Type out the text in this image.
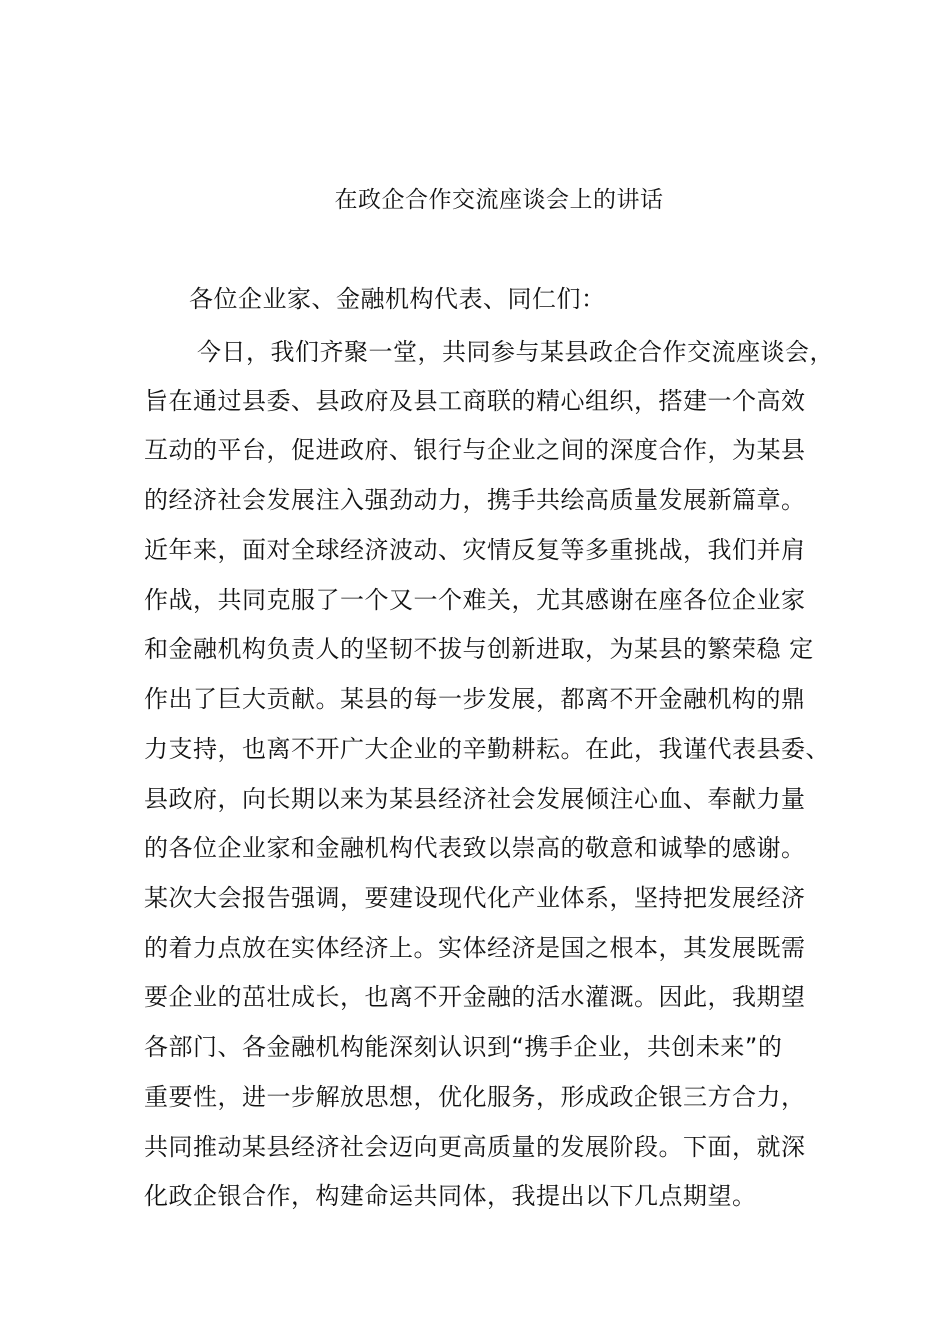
在政企合作交流座谈会上的讲话
各位企业家、金融机构代表、同仁们：
今日，我们齐聚一堂，共同参与某县政企合作交流座谈会，
旨在通过县委、县政府及县工商联的精心组织，搭建一个高效
互动的平台，促进政府、银行与企业之间的深度合作，为某县
的经济社会发展注入强劲动力，携手共绘高质量发展新篇章。
近年来，面对全球经济波动、灾情反复等多重挑战，我们并肩
作战，共同克服了一个又一个难关，尤其感谢在座各位企业家
和金融机构负责人的坚韧不拔与创新进取，为某县的繁荣稳 定
作出了巨大贡献。某县的每一步发展，都离不开金融机构的鼎
力支持，也离不开广大企业的辛勤耕耘。在此，我谨代表县委、
县政府，向长期以来为某县经济社会发展倾注心血、奉献力量
的各位企业家和金融机构代表致以崇高的敬意和诚挚的感谢。
某次大会报告强调，要建设现代化产业体系，坚持把发展经济
的着力点放在实体经济上。实体经济是国之根本，其发展既需
要企业的茁壮成长，也离不开金融的活水灌溉。因此，我期望
各部门、各金融机构能深刻认识到“携手企业，共创未来”的
重要性，进一步解放思想，优化服务，形成政企银三方合力，
共同推动某县经济社会迈向更高质量的发展阶段。下面，就深
化政企银合作，构建命运共同体，我提出以下几点期望。
